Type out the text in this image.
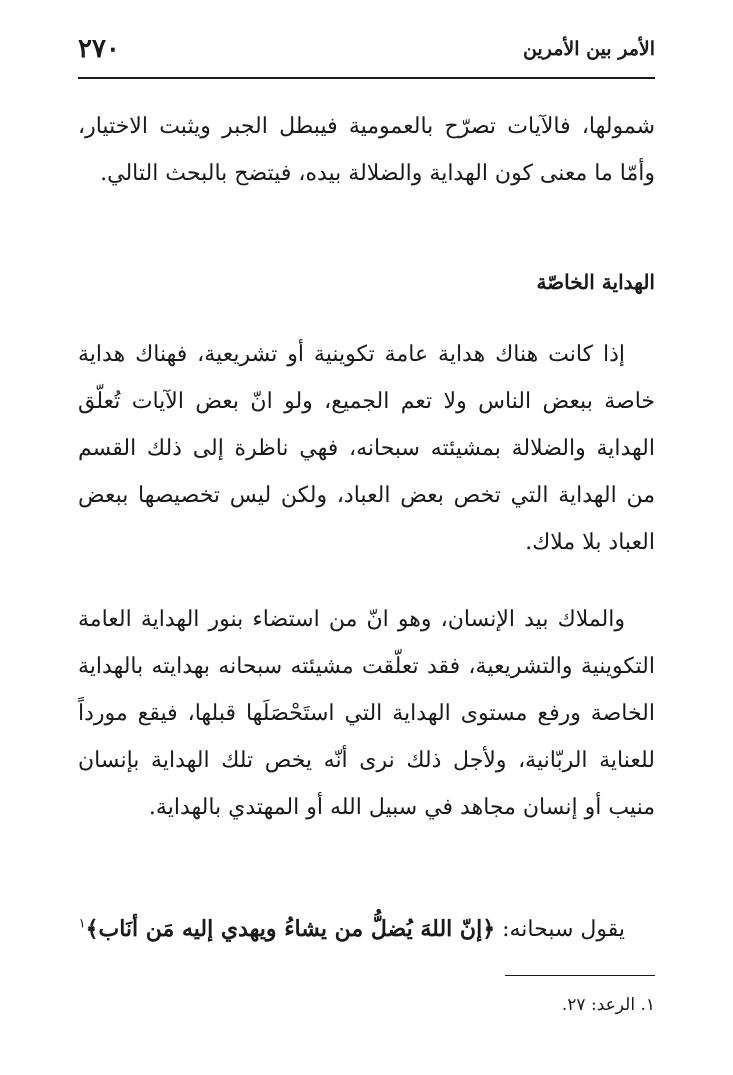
٢٧٠	الأمر بين الأمرين

شمولها، فالآيات تصرّح بالعمومية فيبطل الجبر ويثبت الاختيار، وأمّا ما معنى كون الهداية والضلالة بيده، فيتضح بالبحث التالي.

الهداية الخاصّة

إذا كانت هناك هداية عامة تكوينية أو تشريعية، فهناك هداية خاصة ببعض الناس ولا تعم الجميع، ولو انّ بعض الآيات تُعلّق الهداية والضلالة بمشيئته سبحانه، فهي ناظرة إلى ذلك القسم من الهداية التي تخص بعض العباد، ولكن ليس تخصيصها ببعض العباد بلا ملاك.

والملاك بيد الإنسان، وهو انّ من استضاء بنور الهداية العامة التكوينية والتشريعية، فقد تعلّقت مشيئته سبحانه بهدايته بالهداية الخاصة ورفع مستوى الهداية التي استَحْصَلَها قبلها، فيقع مورداً للعناية الربّانية، ولأجل ذلك نرى أنّه يخص تلك الهداية بإنسان منيب أو إنسان مجاهد في سبيل الله أو المهتدي بالهداية.

يقول سبحانه: ﴿إنّ اللهَ يُضلُّ من يشاءُ ويهدي إليه مَن أنَاب﴾$^١$

١. الرعد: ٢٧.
